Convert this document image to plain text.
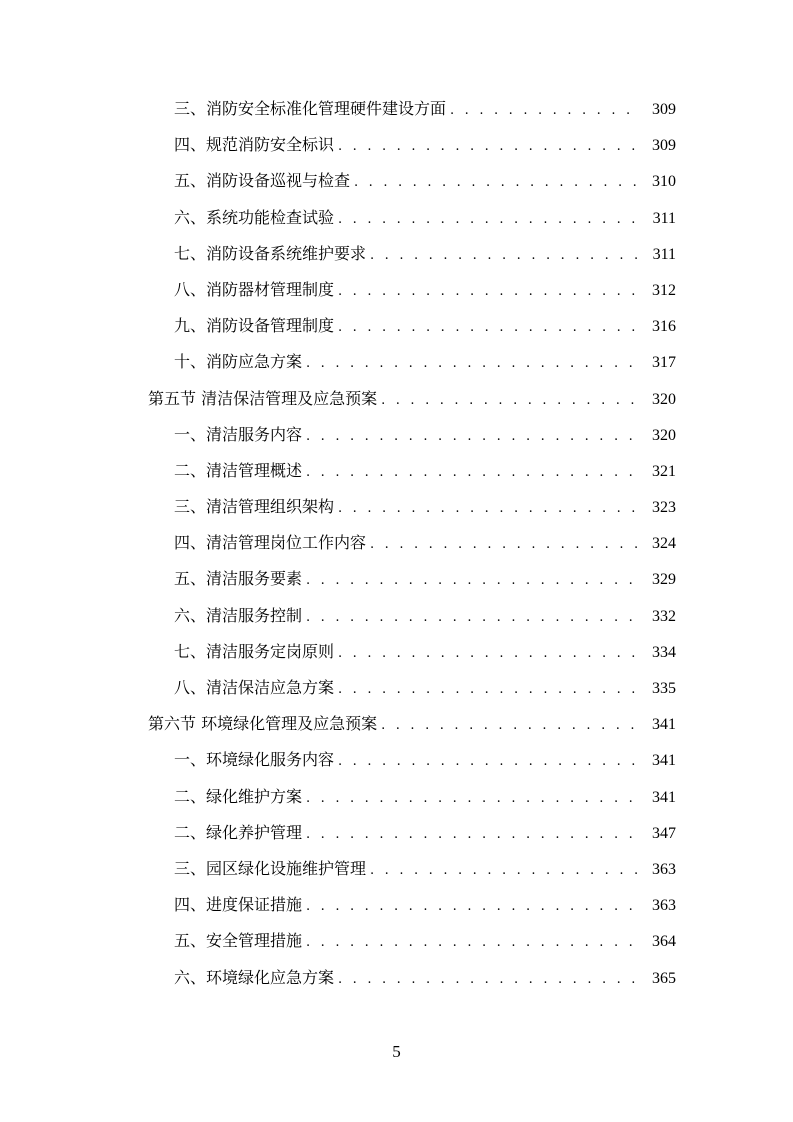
三、消防安全标准化管理硬件建设方面 . . .	309
四、规范消防安全标识 . . .	309
五、消防设备巡视与检查 . . .	310
六、系统功能检查试验 . . .	311
七、消防设备系统维护要求 . . .	311
八、消防器材管理制度 . . .	312
九、消防设备管理制度 . . .	316
十、消防应急方案 . . .	317
第五节 清洁保洁管理及应急预案 . . .	320
一、清洁服务内容 . . .	320
二、清洁管理概述 . . .	321
三、清洁管理组织架构 . . .	323
四、清洁管理岗位工作内容 . . .	324
五、清洁服务要素 . . .	329
六、清洁服务控制 . . .	332
七、清洁服务定岗原则 . . .	334
八、清洁保洁应急方案 . . .	335
第六节 环境绿化管理及应急预案 . . .	341
一、环境绿化服务内容 . . .	341
二、绿化维护方案 . . .	341
二、绿化养护管理 . . .	347
三、园区绿化设施维护管理 . . .	363
四、进度保证措施 . . .	363
五、安全管理措施 . . .	364
六、环境绿化应急方案 . . .	365
5
